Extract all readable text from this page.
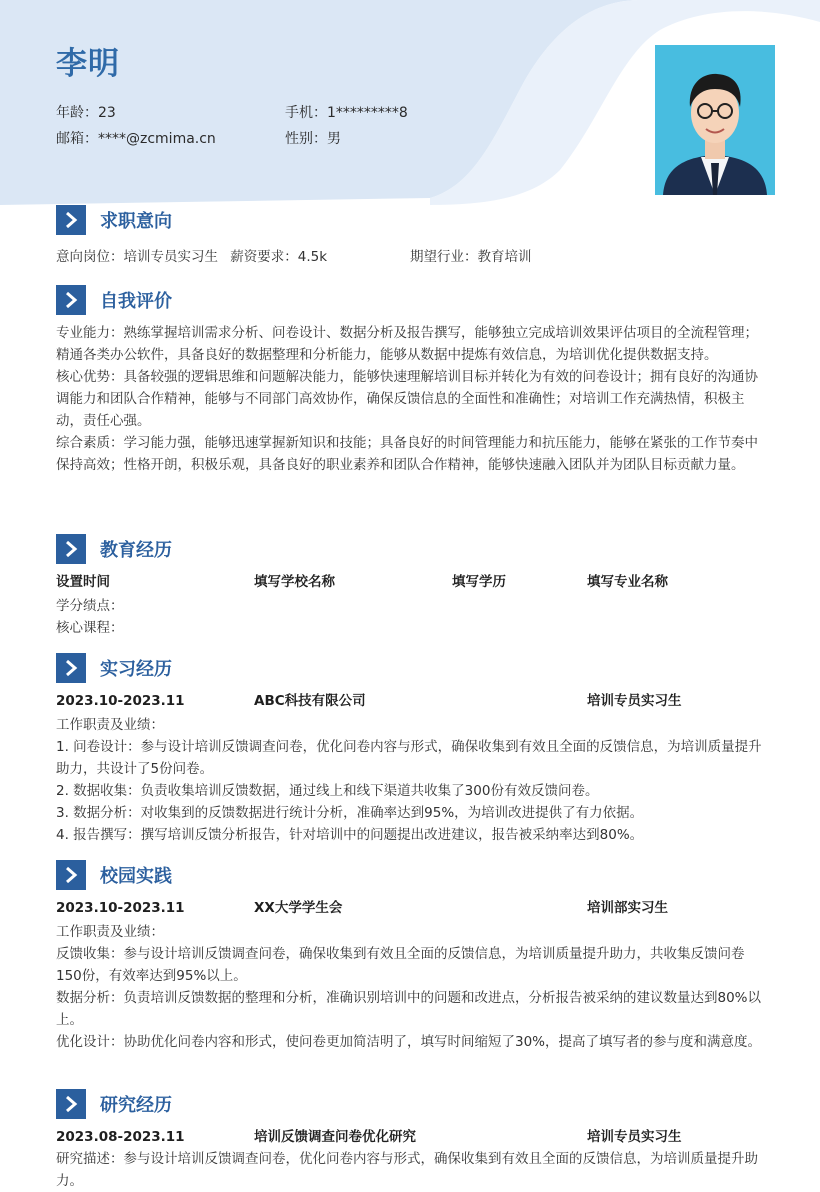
李明
年龄：23	手机：1*********8
邮箱：****@zcmima.cn	性别：男
求职意向
意向岗位：培训专员实习生 薪资要求：4.5k	期望行业：教育培训
自我评价

专业能力：熟练掌握培训需求分析、问卷设计、数据分析及报告撰写，能够独立完成培训效果评估项目的全流程管理；精通各类办公软件，具备良好的数据整理和分析能力，能够从数据中提炼有效信息，为培训优化提供数据支持。

核心优势：具备较强的逻辑思维和问题解决能力，能够快速理解培训目标并转化为有效的问卷设计；拥有良好的沟通协调能力和团队合作精神，能够与不同部门高效协作，确保反馈信息的全面性和准确性；对培训工作充满热情，积极主动，责任心强。

综合素质：学习能力强，能够迅速掌握新知识和技能；具备良好的时间管理能力和抗压能力，能够在紧张的工作节奏中保持高效；性格开朗，积极乐观，具备良好的职业素养和团队合作精神，能够快速融入团队并为团队目标贡献力量。

教育经历
设置时间	填写学校名称	填写学历	填写专业名称
学分绩点：
核心课程：
实习经历
2023.10-2023.11	ABC科技有限公司	培训专员实习生

工作职责及业绩：

1. 问卷设计：参与设计培训反馈调查问卷，优化问卷内容与形式，确保收集到有效且全面的反馈信息，为培训质量提升助力，共设计了5份问卷。

2. 数据收集：负责收集培训反馈数据，通过线上和线下渠道共收集了300份有效反馈问卷。

3. 数据分析：对收集到的反馈数据进行统计分析，准确率达到95%，为培训改进提供了有力依据。

4. 报告撰写：撰写培训反馈分析报告，针对培训中的问题提出改进建议，报告被采纳率达到80%。

校园实践
2023.10-2023.11	XX大学学生会	培训部实习生

工作职责及业绩：

反馈收集：参与设计培训反馈调查问卷，确保收集到有效且全面的反馈信息，为培训质量提升助力，共收集反馈问卷150份，有效率达到95%以上。

数据分析：负责培训反馈数据的整理和分析，准确识别培训中的问题和改进点，分析报告被采纳的建议数量达到80%以上。

优化设计：协助优化问卷内容和形式，使问卷更加简洁明了，填写时间缩短了30%，提高了填写者的参与度和满意度。

研究经历
2023.08-2023.11	培训反馈调查问卷优化研究	培训专员实习生

研究描述：参与设计培训反馈调查问卷，优化问卷内容与形式，确保收集到有效且全面的反馈信息，为培训质量提升助力。
